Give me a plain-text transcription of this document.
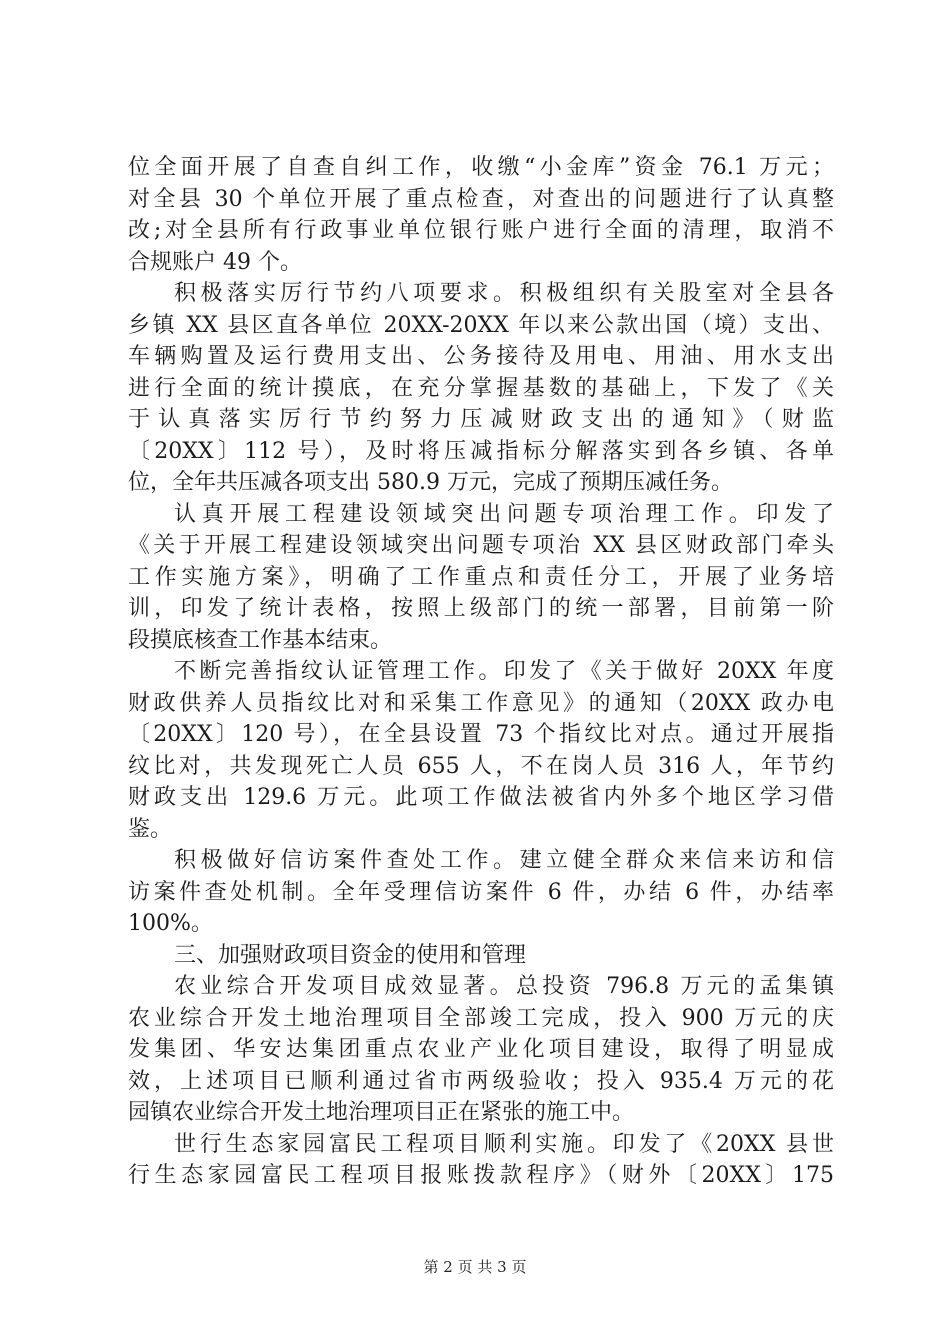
位全面开展了自查自纠工作，收缴“小金库”资金 76.1 万元；
对全县 30 个单位开展了重点检查，对查出的问题进行了认真整
改;对全县所有行政事业单位银行账户进行全面的清理，取消不
合规账户 49 个。
积极落实厉行节约八项要求。积极组织有关股室对全县各
乡镇 XX 县区直各单位 20XX-20XX 年以来公款出国（境）支出、
车辆购置及运行费用支出、公务接待及用电、用油、用水支出
进行全面的统计摸底，在充分掌握基数的基础上，下发了《关
于认真落实厉行节约努力压减财政支出的通知》（财监
〔20XX〕112 号），及时将压减指标分解落实到各乡镇、各单
位，全年共压减各项支出 580.9 万元，完成了预期压减任务。
认真开展工程建设领域突出问题专项治理工作。印发了
《关于开展工程建设领域突出问题专项治 XX 县区财政部门牵头
工作实施方案》，明确了工作重点和责任分工，开展了业务培
训，印发了统计表格，按照上级部门的统一部署，目前第一阶
段摸底核查工作基本结束。
不断完善指纹认证管理工作。印发了《关于做好 20XX 年度
财政供养人员指纹比对和采集工作意见》的通知（20XX 政办电
〔20XX〕120 号），在全县设置 73 个指纹比对点。通过开展指
纹比对，共发现死亡人员 655 人，不在岗人员 316 人，年节约
财政支出 129.6 万元。此项工作做法被省内外多个地区学习借
鉴。
积极做好信访案件查处工作。建立健全群众来信来访和信
访案件查处机制。全年受理信访案件 6 件，办结 6 件，办结率
100%。
三、加强财政项目资金的使用和管理
农业综合开发项目成效显著。总投资 796.8 万元的孟集镇
农业综合开发土地治理项目全部竣工完成，投入 900 万元的庆
发集团、华安达集团重点农业产业化项目建设，取得了明显成
效，上述项目已顺利通过省市两级验收；投入 935.4 万元的花
园镇农业综合开发土地治理项目正在紧张的施工中。
世行生态家园富民工程项目顺利实施。印发了《20XX 县世
行生态家园富民工程项目报账拨款程序》（财外〔20XX〕175
第 2 页 共 3 页
